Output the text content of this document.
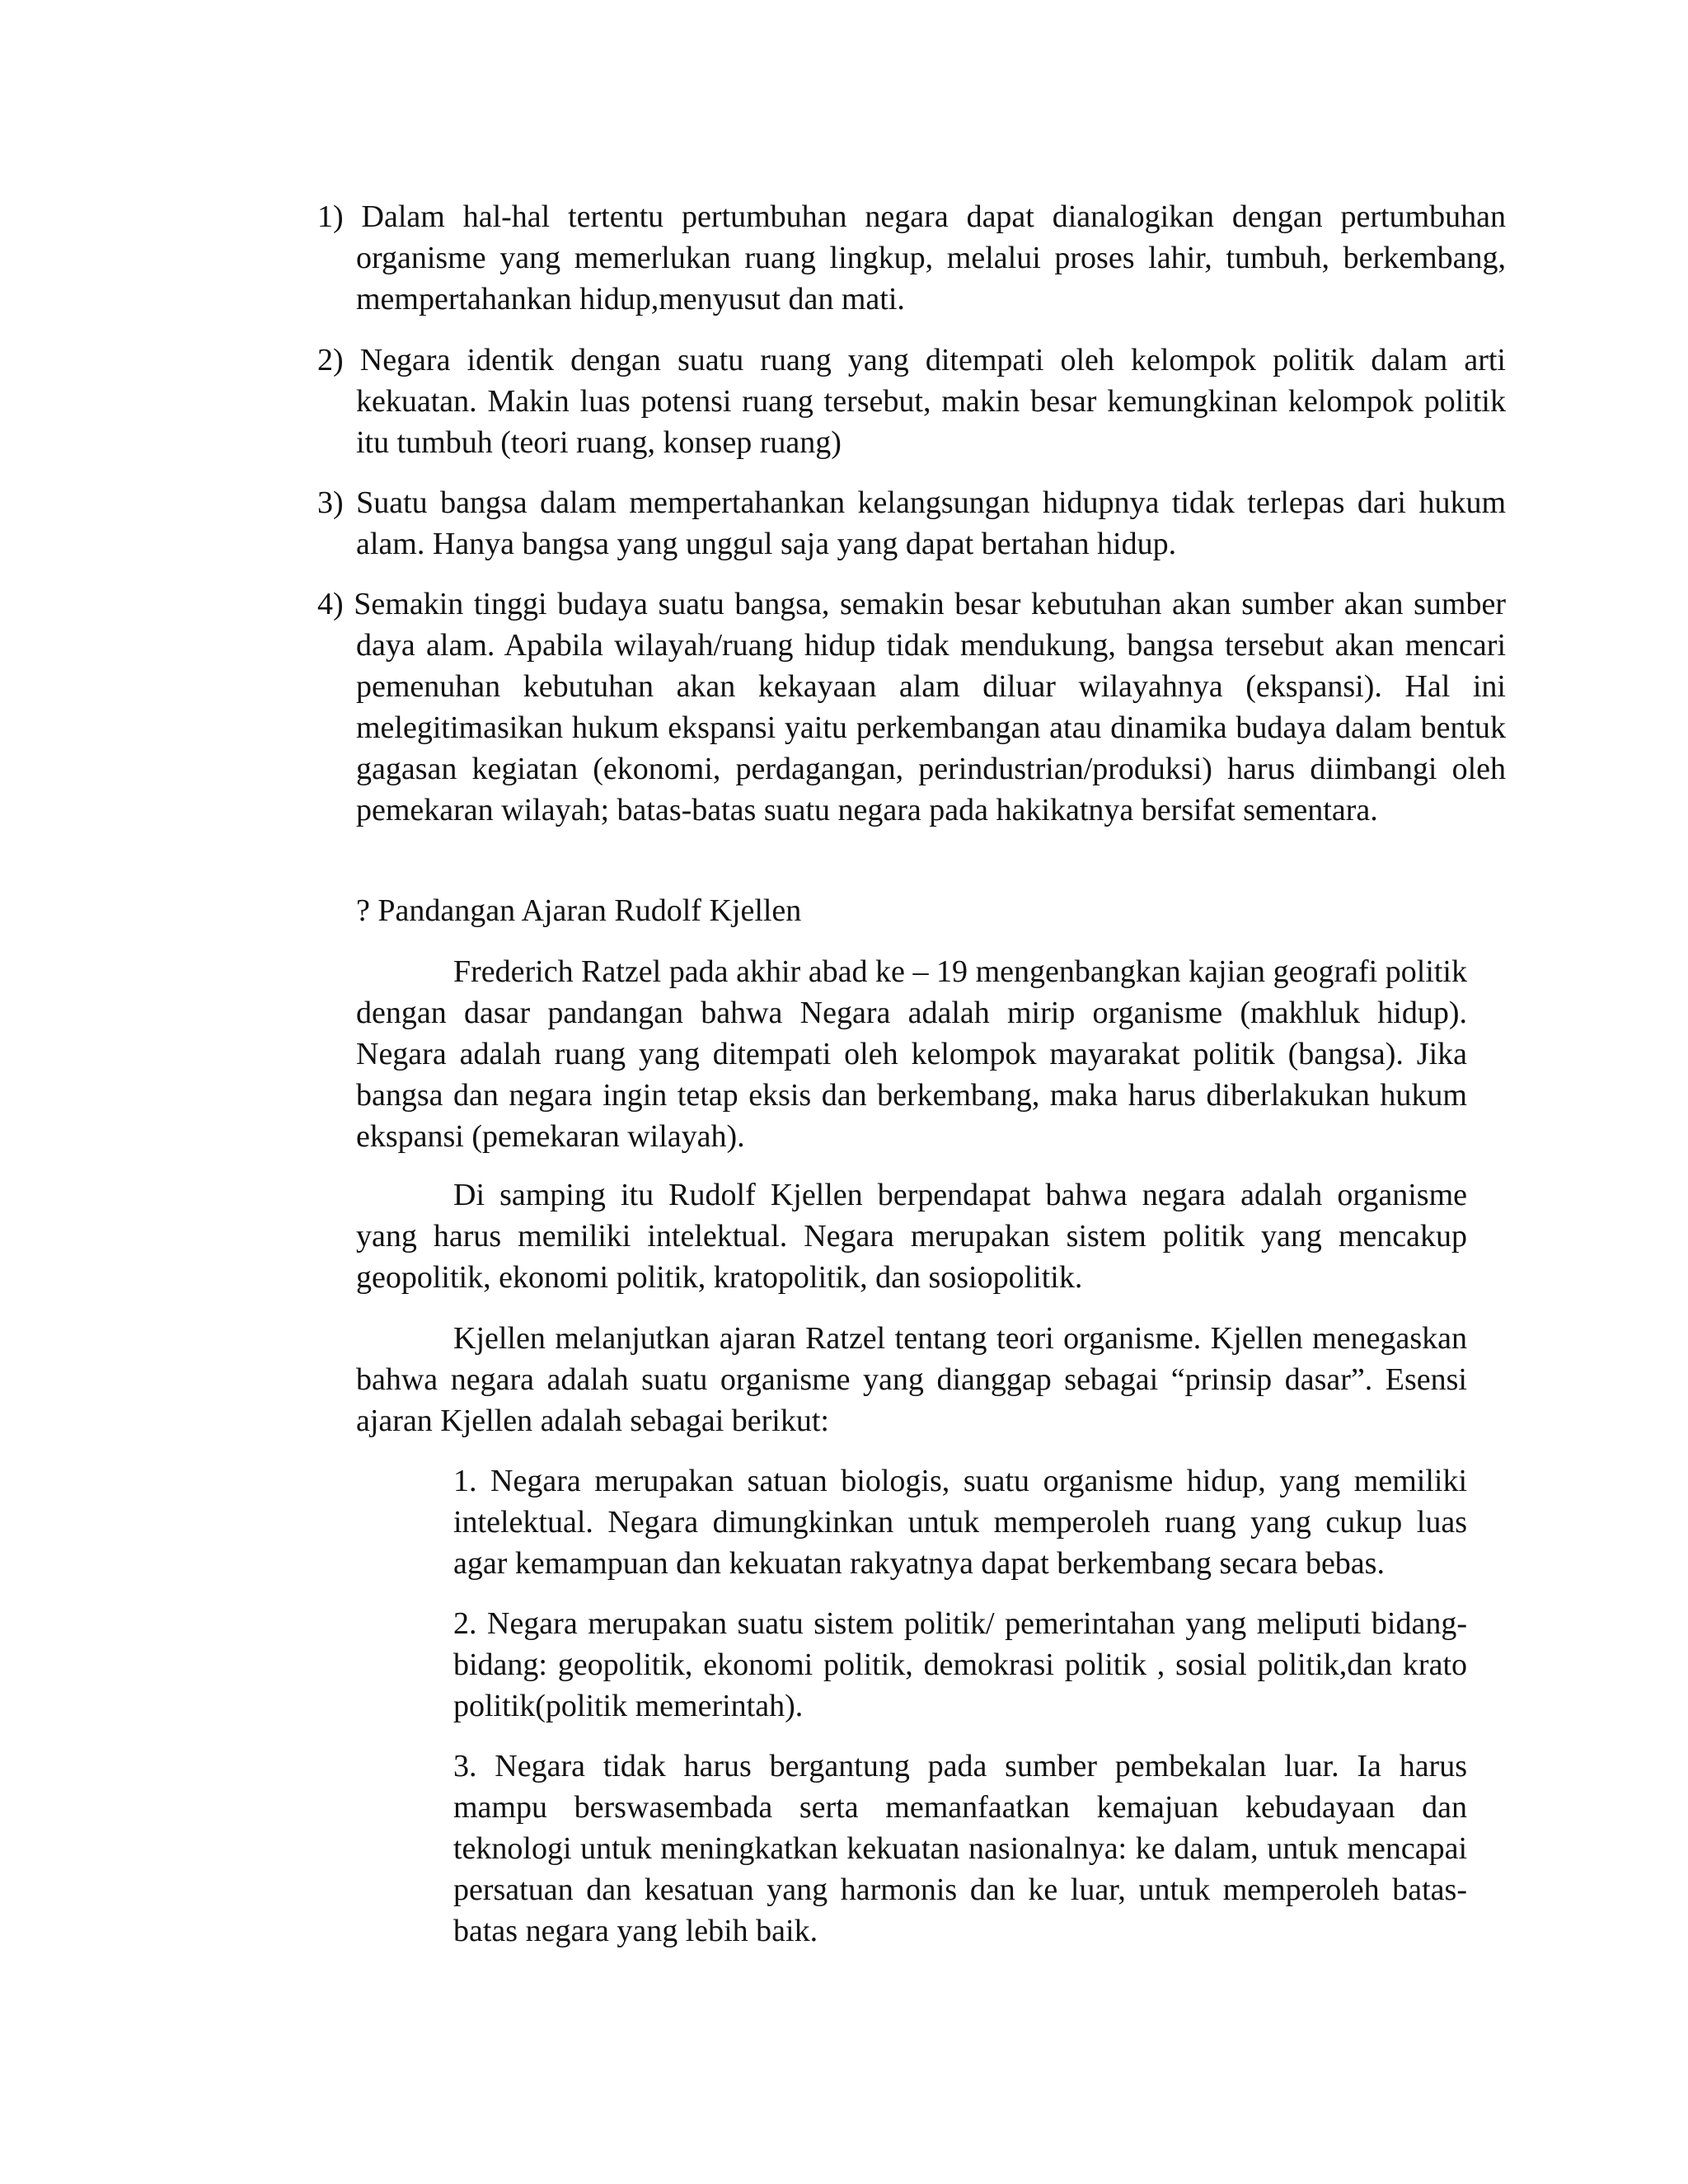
1) Dalam hal-hal tertentu pertumbuhan negara dapat dianalogikan dengan pertumbuhan organisme yang memerlukan ruang lingkup, melalui proses lahir, tumbuh, berkembang, mempertahankan hidup,menyusut dan mati.

2) Negara identik dengan suatu ruang yang ditempati oleh kelompok politik dalam arti kekuatan. Makin luas potensi ruang tersebut, makin besar kemungkinan kelompok politik itu tumbuh (teori ruang, konsep ruang)

3) Suatu bangsa dalam mempertahankan kelangsungan hidupnya tidak terlepas dari hukum alam. Hanya bangsa yang unggul saja yang dapat bertahan hidup.

4) Semakin tinggi budaya suatu bangsa, semakin besar kebutuhan akan sumber akan sumber daya alam. Apabila wilayah/ruang hidup tidak mendukung, bangsa tersebut akan mencari pemenuhan kebutuhan akan kekayaan alam diluar wilayahnya (ekspansi). Hal ini melegitimasikan hukum ekspansi yaitu perkembangan atau dinamika budaya dalam bentuk gagasan kegiatan (ekonomi, perdagangan, perindustrian/produksi) harus diimbangi oleh pemekaran wilayah; batas-batas suatu negara pada hakikatnya bersifat sementara.

? Pandangan Ajaran Rudolf Kjellen

Frederich Ratzel pada akhir abad ke – 19 mengenbangkan kajian geografi politik dengan dasar pandangan bahwa Negara adalah mirip organisme (makhluk hidup). Negara adalah ruang yang ditempati oleh kelompok mayarakat politik (bangsa). Jika bangsa dan negara ingin tetap eksis dan berkembang, maka harus diberlakukan hukum ekspansi (pemekaran wilayah).

Di samping itu Rudolf Kjellen berpendapat bahwa negara adalah organisme yang harus memiliki intelektual. Negara merupakan sistem politik yang mencakup geopolitik, ekonomi politik, kratopolitik, dan sosiopolitik.

Kjellen melanjutkan ajaran Ratzel tentang teori organisme. Kjellen menegaskan bahwa negara adalah suatu organisme yang dianggap sebagai “prinsip dasar”. Esensi ajaran Kjellen adalah sebagai berikut:

1. Negara merupakan satuan biologis, suatu organisme hidup, yang memiliki intelektual. Negara dimungkinkan untuk memperoleh ruang yang cukup luas agar kemampuan dan kekuatan rakyatnya dapat berkembang secara bebas.

2. Negara merupakan suatu sistem politik/ pemerintahan yang meliputi bidang- bidang: geopolitik, ekonomi politik, demokrasi politik , sosial politik,dan krato politik(politik memerintah).

3. Negara tidak harus bergantung pada sumber pembekalan luar. Ia harus mampu berswasembada serta memanfaatkan kemajuan kebudayaan dan teknologi untuk meningkatkan kekuatan nasionalnya: ke dalam, untuk mencapai persatuan dan kesatuan yang harmonis dan ke luar, untuk memperoleh batas-batas negara yang lebih baik.
